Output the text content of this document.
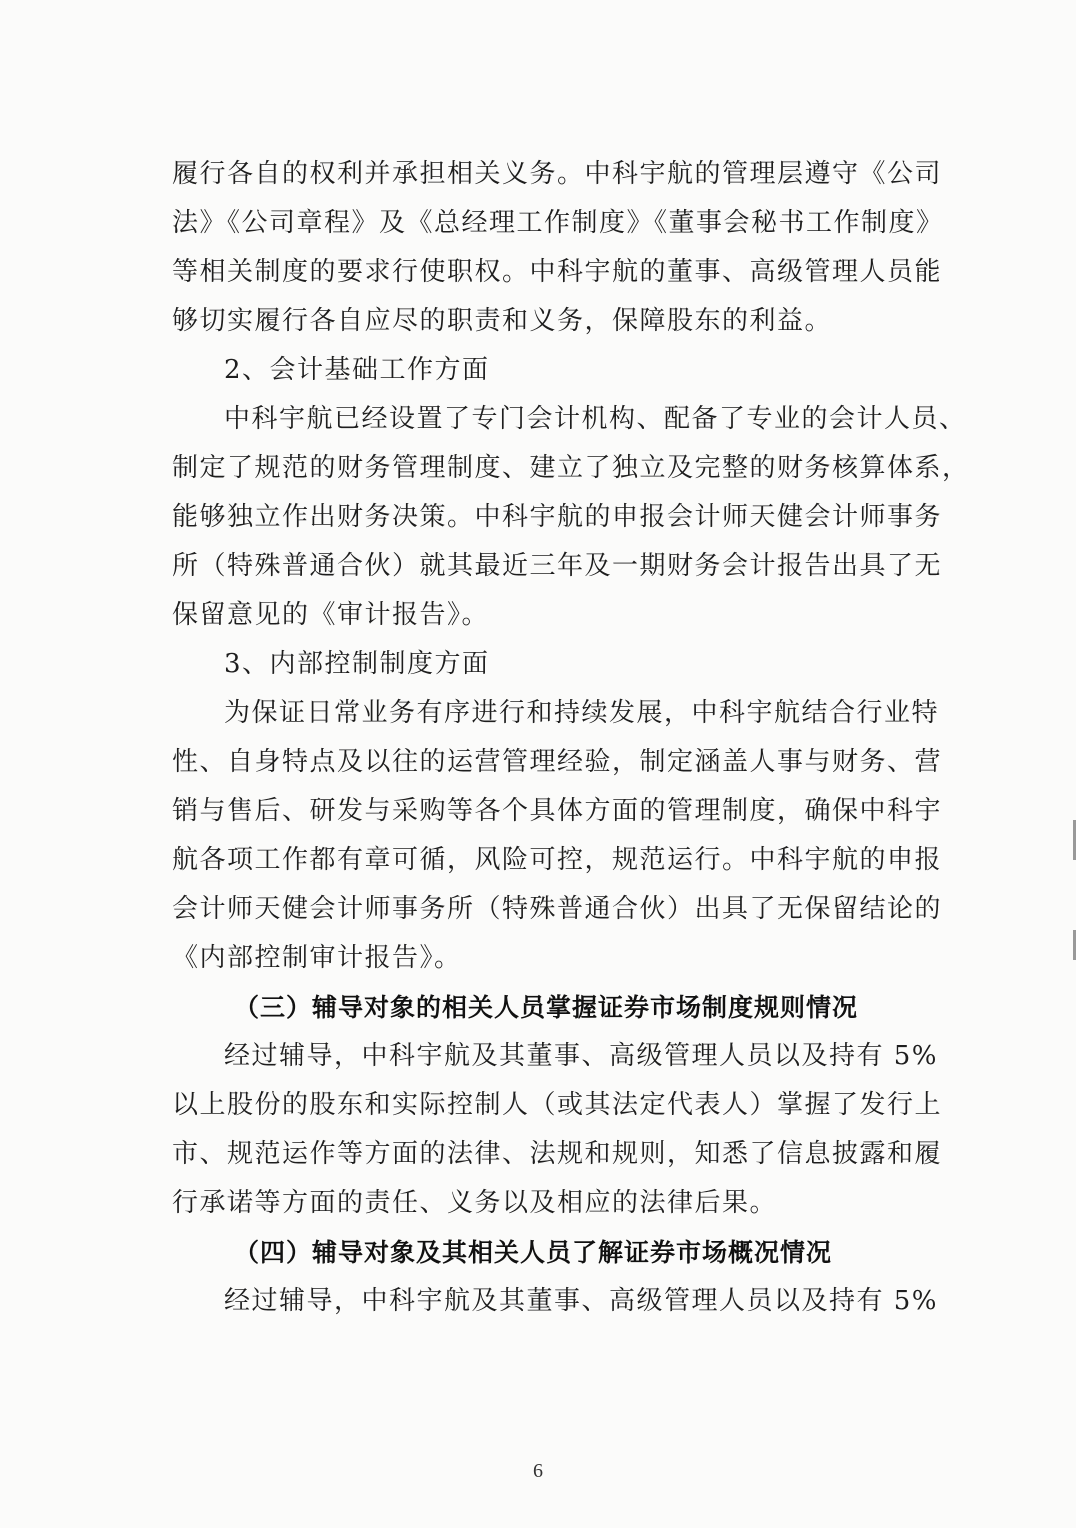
履行各自的权利并承担相关义务。中科宇航的管理层遵守《公司
法》《公司章程》及《总经理工作制度》《董事会秘书工作制度》
等相关制度的要求行使职权。中科宇航的董事、高级管理人员能
够切实履行各自应尽的职责和义务，保障股东的利益。
2、会计基础工作方面
中科宇航已经设置了专门会计机构、配备了专业的会计人员、
制定了规范的财务管理制度、建立了独立及完整的财务核算体系，
能够独立作出财务决策。中科宇航的申报会计师天健会计师事务
所（特殊普通合伙）就其最近三年及一期财务会计报告出具了无
保留意见的《审计报告》。
3、内部控制制度方面
为保证日常业务有序进行和持续发展，中科宇航结合行业特
性、自身特点及以往的运营管理经验，制定涵盖人事与财务、营
销与售后、研发与采购等各个具体方面的管理制度，确保中科宇
航各项工作都有章可循，风险可控，规范运行。中科宇航的申报
会计师天健会计师事务所（特殊普通合伙）出具了无保留结论的
《内部控制审计报告》。
（三）辅导对象的相关人员掌握证券市场制度规则情况
经过辅导，中科宇航及其董事、高级管理人员以及持有 5%
以上股份的股东和实际控制人（或其法定代表人）掌握了发行上
市、规范运作等方面的法律、法规和规则，知悉了信息披露和履
行承诺等方面的责任、义务以及相应的法律后果。
（四）辅导对象及其相关人员了解证券市场概况情况
经过辅导，中科宇航及其董事、高级管理人员以及持有 5%
6
